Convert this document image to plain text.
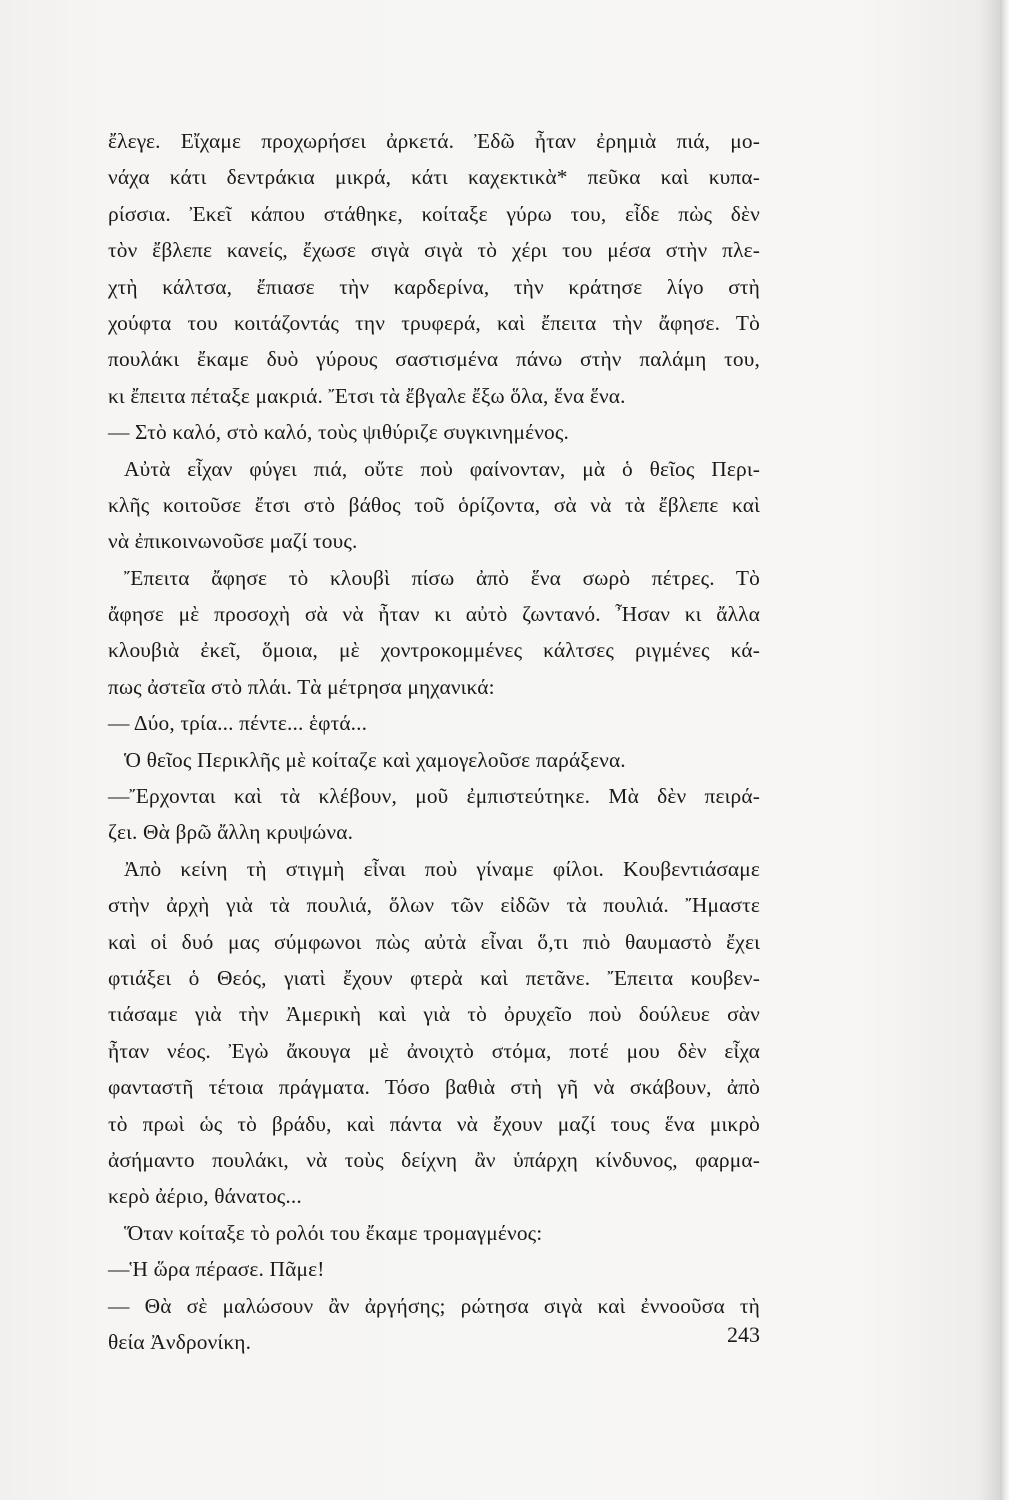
ἔλεγε. Εἴχαμε προχωρήσει ἀρκετά. Ἐδῶ ἦταν ἐρημιὰ πιά, μο-
νάχα κάτι δεντράκια μικρά, κάτι καχεκτικὰ* πεῦκα καὶ κυπα-
ρίσσια. Ἐκεῖ κάπου στάθηκε, κοίταξε γύρω του, εἶδε πὼς δὲν
τὸν ἔβλεπε κανείς, ἔχωσε σιγὰ σιγὰ τὸ χέρι του μέσα στὴν πλε-
χτὴ κάλτσα, ἔπιασε τὴν καρδερίνα, τὴν κράτησε λίγο στὴ
χούφτα του κοιτάζοντάς την τρυφερά, καὶ ἔπειτα τὴν ἄφησε. Τὸ
πουλάκι ἔκαμε δυὸ γύρους σαστισμένα πάνω στὴν παλάμη του,
κι ἔπειτα πέταξε μακριά. Ἔτσι τὰ ἔβγαλε ἔξω ὅλα, ἕνα ἕνα.
— Στὸ καλό, στὸ καλό, τοὺς ψιθύριζε συγκινημένος.
Αὐτὰ εἶχαν φύγει πιά, οὔτε ποὺ φαίνονταν, μὰ ὁ θεῖος Περι-
κλῆς κοιτοῦσε ἔτσι στὸ βάθος τοῦ ὁρίζοντα, σὰ νὰ τὰ ἔβλεπε καὶ
νὰ ἐπικοινωνοῦσε μαζί τους.
Ἔπειτα ἄφησε τὸ κλουβὶ πίσω ἀπὸ ἕνα σωρὸ πέτρες. Τὸ
ἄφησε μὲ προσοχὴ σὰ νὰ ἦταν κι αὐτὸ ζωντανό. Ἦσαν κι ἄλλα
κλουβιὰ ἐκεῖ, ὅμοια, μὲ χοντροκομμένες κάλτσες ριγμένες κά-
πως ἀστεῖα στὸ πλάι. Τὰ μέτρησα μηχανικά:
— Δύο, τρία... πέντε... ἑφτά...
Ὁ θεῖος Περικλῆς μὲ κοίταζε καὶ χαμογελοῦσε παράξενα.
—Ἔρχονται καὶ τὰ κλέβουν, μοῦ ἐμπιστεύτηκε. Μὰ δὲν πειρά-
ζει. Θὰ βρῶ ἄλλη κρυψώνα.
Ἀπὸ κείνη τὴ στιγμὴ εἶναι ποὺ γίναμε φίλοι. Κουβεντιάσαμε
στὴν ἀρχὴ γιὰ τὰ πουλιά, ὅλων τῶν εἰδῶν τὰ πουλιά. Ἤμαστε
καὶ οἱ δυό μας σύμφωνοι πὼς αὐτὰ εἶναι ὅ,τι πιὸ θαυμαστὸ ἔχει
φτιάξει ὁ Θεός, γιατὶ ἔχουν φτερὰ καὶ πετᾶνε. Ἔπειτα κουβεν-
τιάσαμε γιὰ τὴν Ἀμερικὴ καὶ γιὰ τὸ ὀρυχεῖο ποὺ δούλευε σὰν
ἦταν νέος. Ἐγὼ ἄκουγα μὲ ἀνοιχτὸ στόμα, ποτέ μου δὲν εἶχα
φανταστῆ τέτοια πράγματα. Τόσο βαθιὰ στὴ γῆ νὰ σκάβουν, ἀπὸ
τὸ πρωὶ ὡς τὸ βράδυ, καὶ πάντα νὰ ἔχουν μαζί τους ἕνα μικρὸ
ἀσήμαντο πουλάκι, νὰ τοὺς δείχνη ἂν ὑπάρχη κίνδυνος, φαρμα-
κερὸ ἀέριο, θάνατος...
Ὅταν κοίταξε τὸ ρολόι του ἔκαμε τρομαγμένος:
—Ἡ ὥρα πέρασε. Πᾶμε!
— Θὰ σὲ μαλώσουν ἂν ἀργήσης; ρώτησα σιγὰ καὶ ἐννοοῦσα τὴ
θεία Ἀνδρονίκη.	243
